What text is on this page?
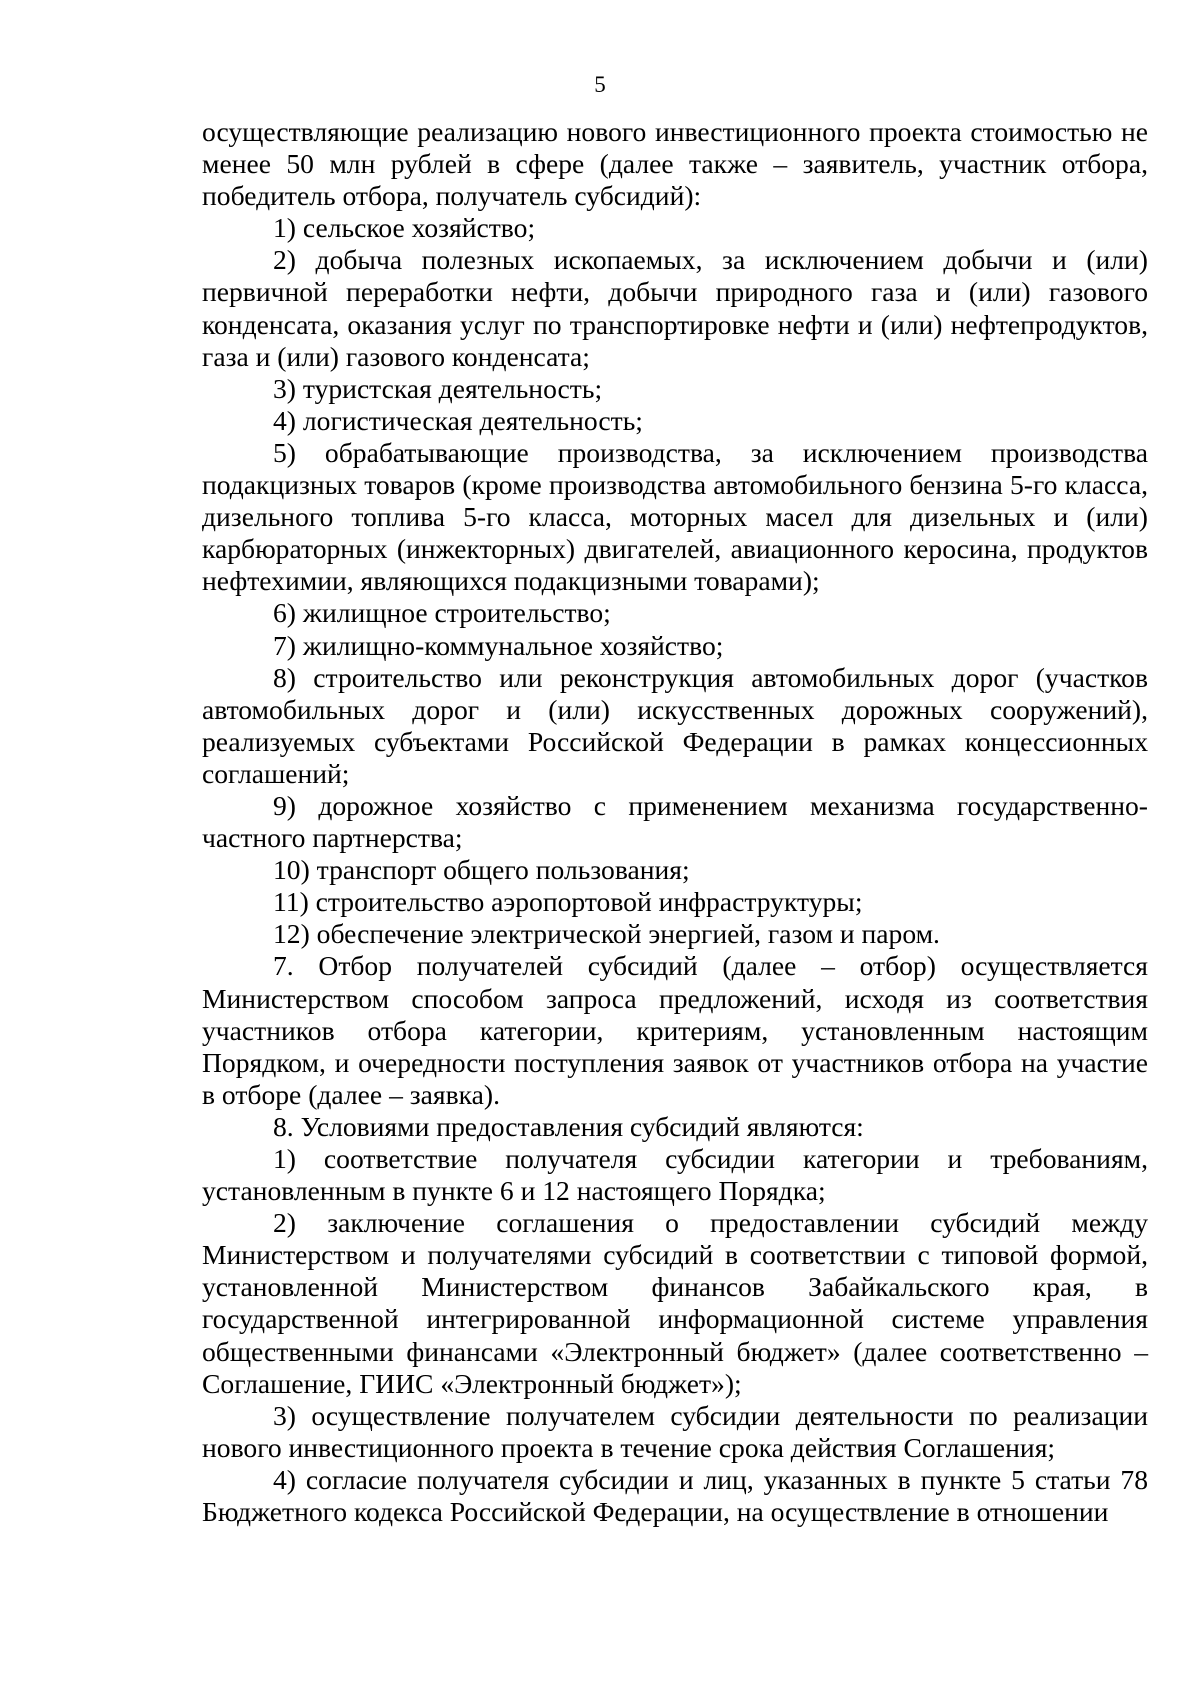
5

осуществляющие реализацию нового инвестиционного проекта стоимостью не менее 50 млн рублей в сфере (далее также – заявитель, участник отбора, победитель отбора, получатель субсидий):

1) сельское хозяйство;

2) добыча полезных ископаемых, за исключением добычи и (или) первичной переработки нефти, добычи природного газа и (или) газового конденсата, оказания услуг по транспортировке нефти и (или) нефтепродуктов, газа и (или) газового конденсата;

3) туристская деятельность;

4) логистическая деятельность;

5) обрабатывающие производства, за исключением производства подакцизных товаров (кроме производства автомобильного бензина 5-го класса, дизельного топлива 5-го класса, моторных масел для дизельных и (или) карбюраторных (инжекторных) двигателей, авиационного керосина, продуктов нефтехимии, являющихся подакцизными товарами);

6) жилищное строительство;

7) жилищно-коммунальное хозяйство;

8) строительство или реконструкция автомобильных дорог (участков автомобильных дорог и (или) искусственных дорожных сооружений), реализуемых субъектами Российской Федерации в рамках концессионных соглашений;

9) дорожное хозяйство с применением механизма государственно-частного партнерства;

10) транспорт общего пользования;

11) строительство аэропортовой инфраструктуры;

12) обеспечение электрической энергией, газом и паром.

7. Отбор получателей субсидий (далее – отбор) осуществляется Министерством способом запроса предложений, исходя из соответствия участников отбора категории, критериям, установленным настоящим Порядком, и очередности поступления заявок от участников отбора на участие в отборе (далее – заявка).

8. Условиями предоставления субсидий являются:

1) соответствие получателя субсидии категории и требованиям, установленным в пункте 6 и 12 настоящего Порядка;

2) заключение соглашения о предоставлении субсидий между Министерством и получателями субсидий в соответствии с типовой формой, установленной Министерством финансов Забайкальского края, в государственной интегрированной информационной системе управления общественными финансами «Электронный бюджет» (далее соответственно – Соглашение, ГИИС «Электронный бюджет»);

3) осуществление получателем субсидии деятельности по реализации нового инвестиционного проекта в течение срока действия Соглашения;

4) согласие получателя субсидии и лиц, указанных в пункте 5 статьи 78 Бюджетного кодекса Российской Федерации, на осуществление в отношении
